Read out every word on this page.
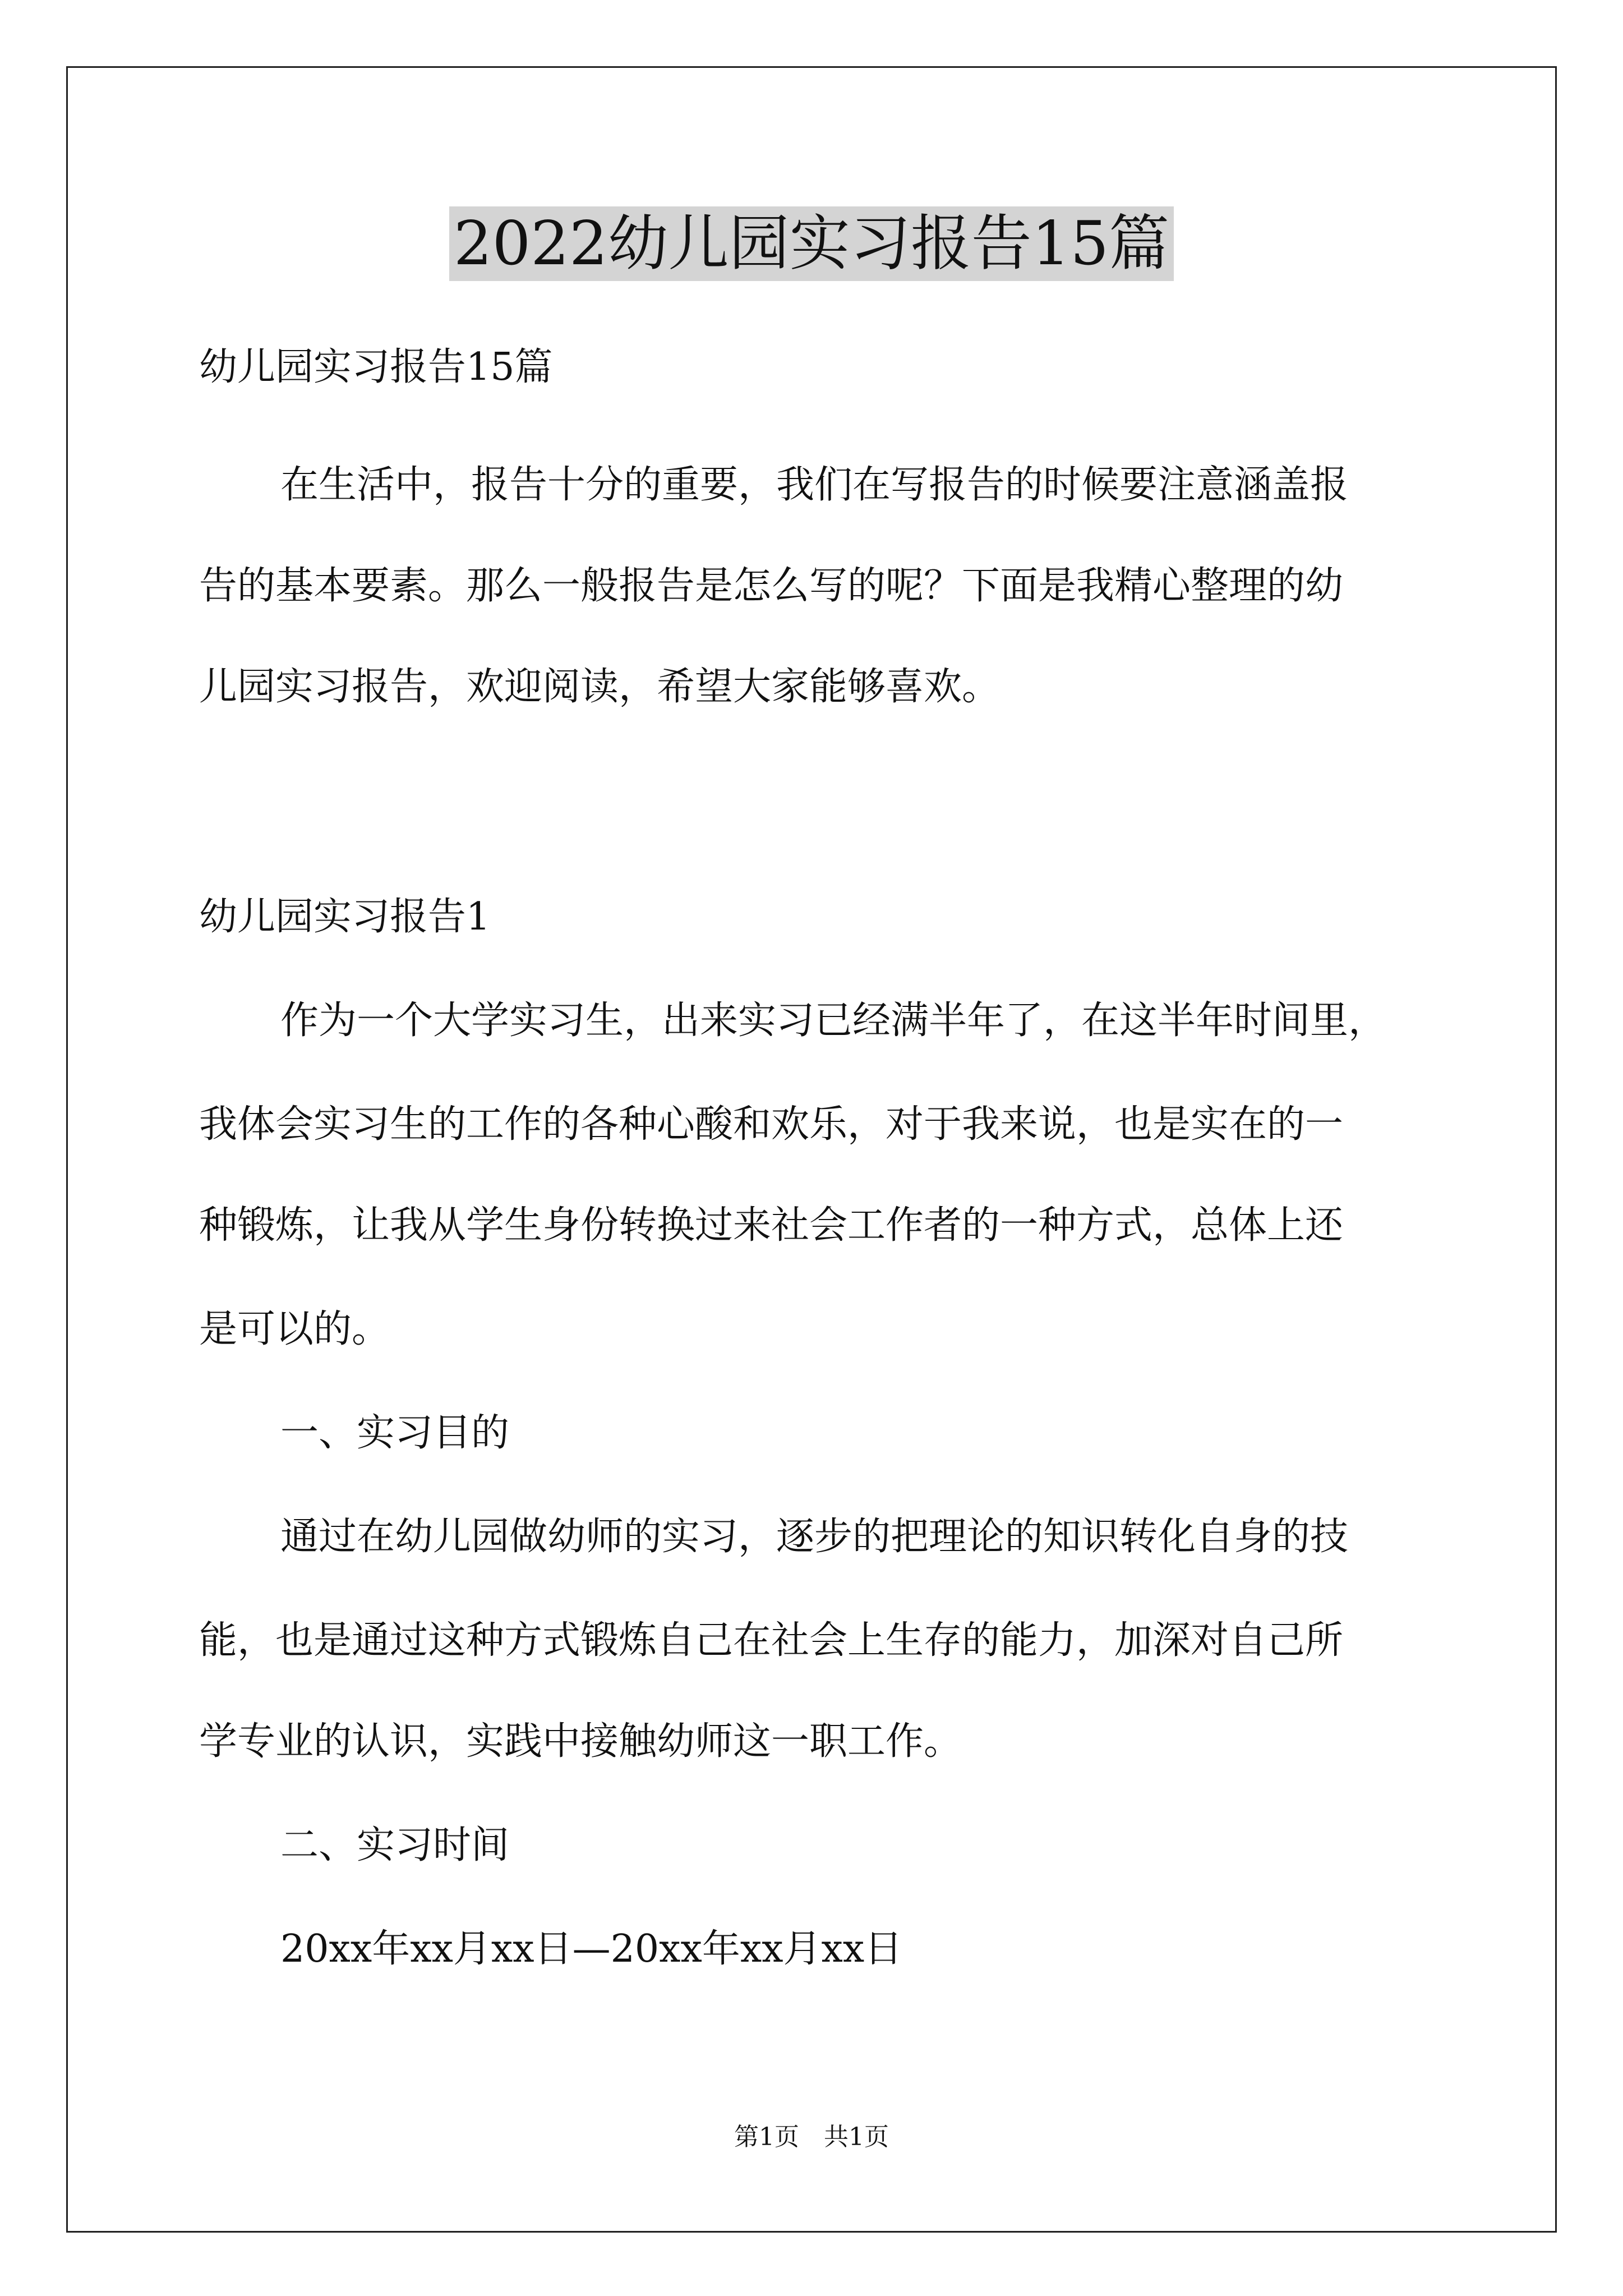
2022幼儿园实习报告15篇

幼儿园实习报告15篇

在生活中，报告十分的重要，我们在写报告的时候要注意涵盖报

告的基本要素。那么一般报告是怎么写的呢？下面是我精心整理的幼

儿园实习报告，欢迎阅读，希望大家能够喜欢。

幼儿园实习报告1

作为一个大学实习生，出来实习已经满半年了，在这半年时间里，

我体会实习生的工作的各种心酸和欢乐，对于我来说，也是实在的一

种锻炼，让我从学生身份转换过来社会工作者的一种方式，总体上还

是可以的。

一、实习目的

通过在幼儿园做幼师的实习，逐步的把理论的知识转化自身的技

能，也是通过这种方式锻炼自己在社会上生存的能力，加深对自己所

学专业的认识，实践中接触幼师这一职工作。

二、实习时间

20xx年xx月xx日—20xx年xx月xx日

第1页　共1页
